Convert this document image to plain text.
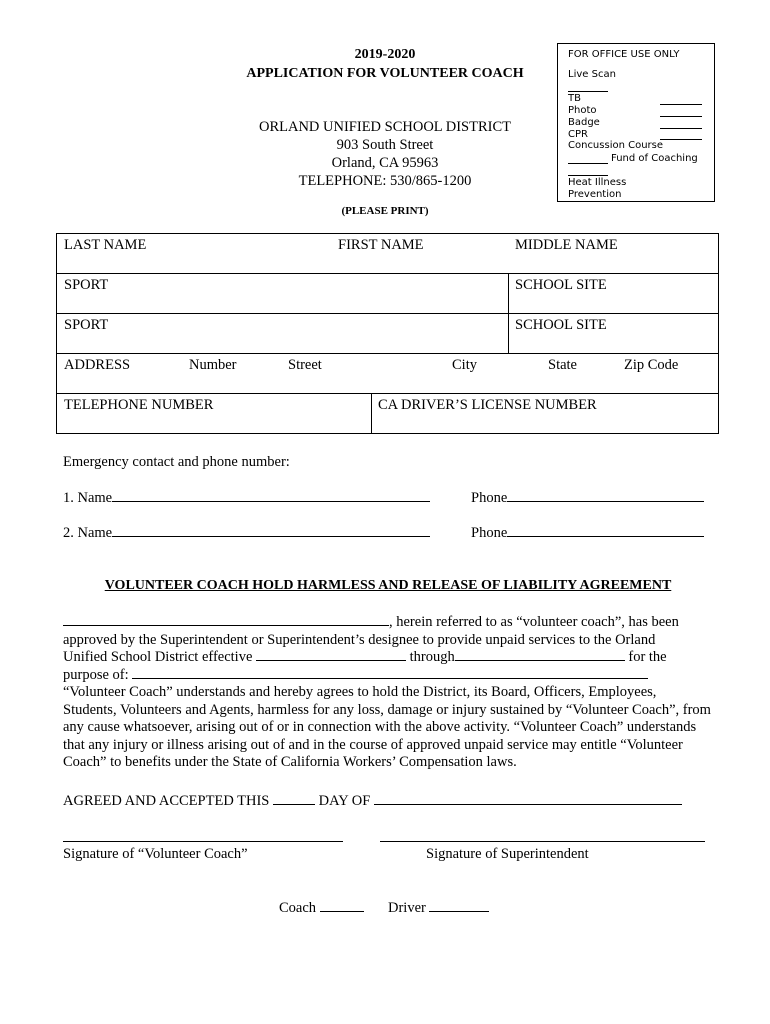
2019-2020
APPLICATION FOR VOLUNTEER COACH
ORLAND UNIFIED SCHOOL DISTRICT
903 South Street
Orland, CA 95963
TELEPHONE: 530/865-1200
(PLEASE PRINT)
FOR OFFICE USE ONLY
Live Scan
TB
Photo
Badge
CPR
Concussion Course
Fund of Coaching
Heat Illness
Prevention
LAST NAME	FIRST NAME	MIDDLE NAME
SPORT	SCHOOL SITE
SPORT	SCHOOL SITE
ADDRESS	Number	Street	City	State	Zip Code
TELEPHONE NUMBER	CA DRIVER’S LICENSE NUMBER
Emergency contact and phone number:
1. Name	Phone
2. Name	Phone
VOLUNTEER COACH HOLD HARMLESS AND RELEASE OF LIABILITY AGREEMENT
, herein referred to as “volunteer coach”, has been
approved by the Superintendent or Superintendent’s designee to provide unpaid services to the Orland
Unified School District effective	through	for the
purpose of:
“Volunteer Coach” understands and hereby agrees to hold the District, its Board, Officers, Employees, Students, Volunteers and Agents, harmless for any loss, damage or injury sustained by “Volunteer Coach”, from any cause whatsoever, arising out of or in connection with the above activity. “Volunteer Coach” understands that any injury or illness arising out of and in the course of approved unpaid service may entitle “Volunteer Coach” to benefits under the State of California Workers’ Compensation laws.
AGREED AND ACCEPTED THIS	DAY OF
Signature of “Volunteer Coach”	Signature of Superintendent
Coach	Driver
